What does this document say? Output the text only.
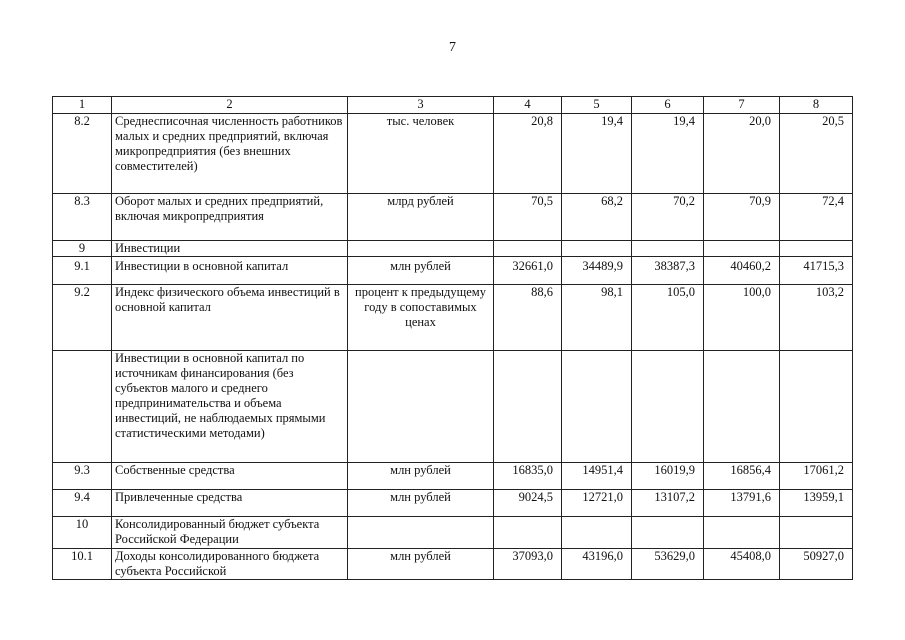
7
1	2	3	4	5	6	7	8
8.2	Среднесписочная численность работников малых и средних предприятий, включая микропредприятия (без внешних совместителей)	тыс. человек	20,8	19,4	19,4	20,0	20,5
8.3	Оборот малых и средних предприятий, включая микропредприятия	млрд рублей	70,5	68,2	70,2	70,9	72,4
9	Инвестиции						
9.1	Инвестиции в основной капитал	млн рублей	32661,0	34489,9	38387,3	40460,2	41715,3
9.2	Индекс физического объема инвестиций в основной капитал	процент к предыдущему году в сопоставимых ценах	88,6	98,1	105,0	100,0	103,2
	Инвестиции в основной капитал по источникам финансирования (без субъектов малого и среднего предпринимательства и объема инвестиций, не наблюдаемых прямыми статистическими методами)						
9.3	Собственные средства	млн рублей	16835,0	14951,4	16019,9	16856,4	17061,2
9.4	Привлеченные средства	млн рублей	9024,5	12721,0	13107,2	13791,6	13959,1
10	Консолидированный бюджет субъекта Российской Федерации						
10.1	Доходы консолидированного бюджета субъекта Российской	млн рублей	37093,0	43196,0	53629,0	45408,0	50927,0
